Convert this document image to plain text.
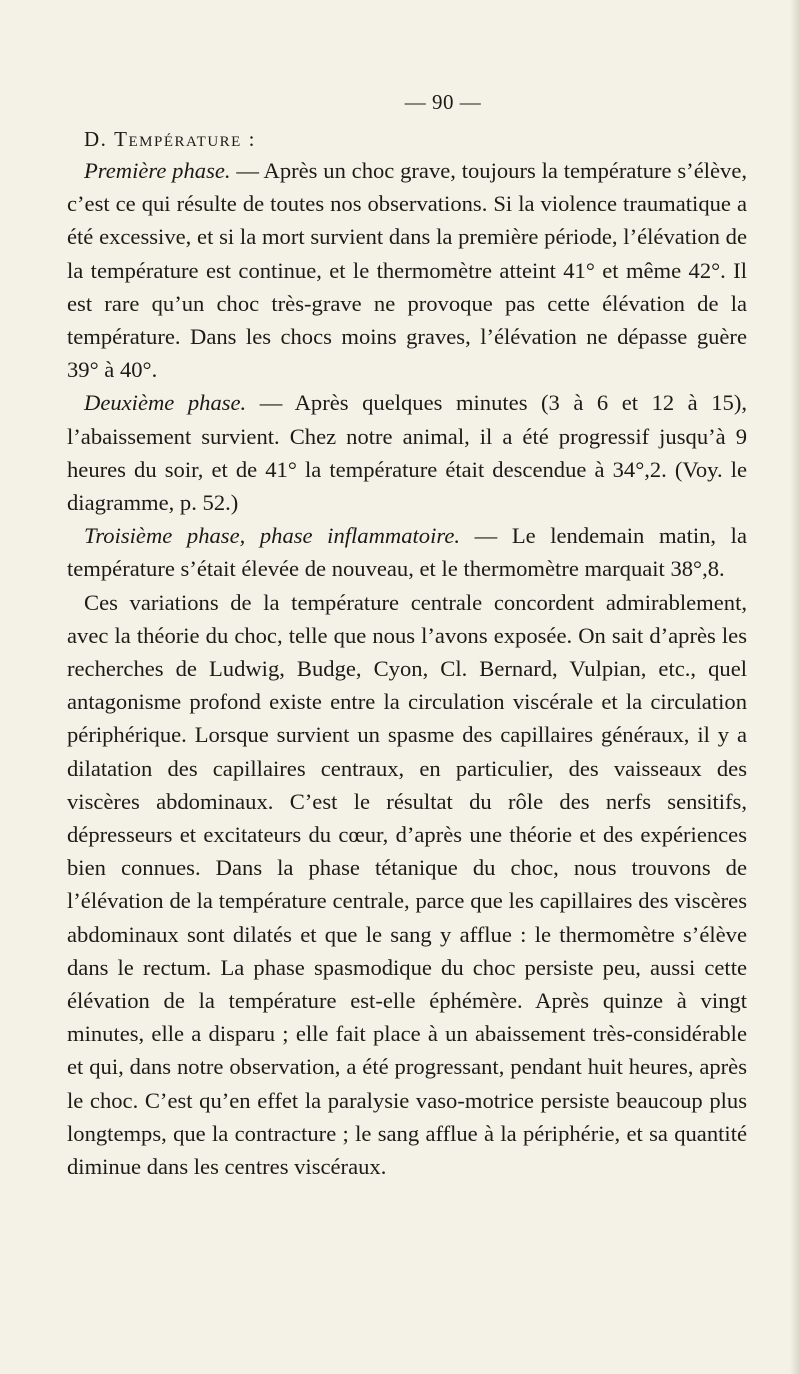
— 90 —
D. Température :

Première phase. — Après un choc grave, toujours la température s’élève, c’est ce qui résulte de toutes nos observations. Si la violence traumatique a été excessive, et si la mort survient dans la première période, l’élévation de la température est continue, et le thermomètre atteint 41° et même 42°. Il est rare qu’un choc très-grave ne provoque pas cette élévation de la température. Dans les chocs moins graves, l’élévation ne dépasse guère 39° à 40°.

Deuxième phase. — Après quelques minutes (3 à 6 et 12 à 15), l’abaissement survient. Chez notre animal, il a été progressif jusqu’à 9 heures du soir, et de 41° la température était descendue à 34°,2. (Voy. le diagramme, p. 52.)

Troisième phase, phase inflammatoire. — Le lendemain matin, la température s’était élevée de nouveau, et le thermomètre marquait 38°,8.

Ces variations de la température centrale concordent admirablement, avec la théorie du choc, telle que nous l’avons exposée. On sait d’après les recherches de Ludwig, Budge, Cyon, Cl. Bernard, Vulpian, etc., quel antagonisme profond existe entre la circulation viscérale et la circulation périphérique. Lorsque survient un spasme des capillaires généraux, il y a dilatation des capillaires centraux, en particulier, des vaisseaux des viscères abdominaux. C’est le résultat du rôle des nerfs sensitifs, dépresseurs et excitateurs du cœur, d’après une théorie et des expériences bien connues. Dans la phase tétanique du choc, nous trouvons de l’élévation de la température centrale, parce que les capillaires des viscères abdominaux sont dilatés et que le sang y afflue : le thermomètre s’élève dans le rectum. La phase spasmodique du choc persiste peu, aussi cette élévation de la température est-elle éphémère. Après quinze à vingt minutes, elle a disparu ; elle fait place à un abaissement très-considérable et qui, dans notre observation, a été progressant, pendant huit heures, après le choc. C’est qu’en effet la paralysie vaso-motrice persiste beaucoup plus longtemps, que la contracture ; le sang afflue à la périphérie, et sa quantité diminue dans les centres viscéraux.
